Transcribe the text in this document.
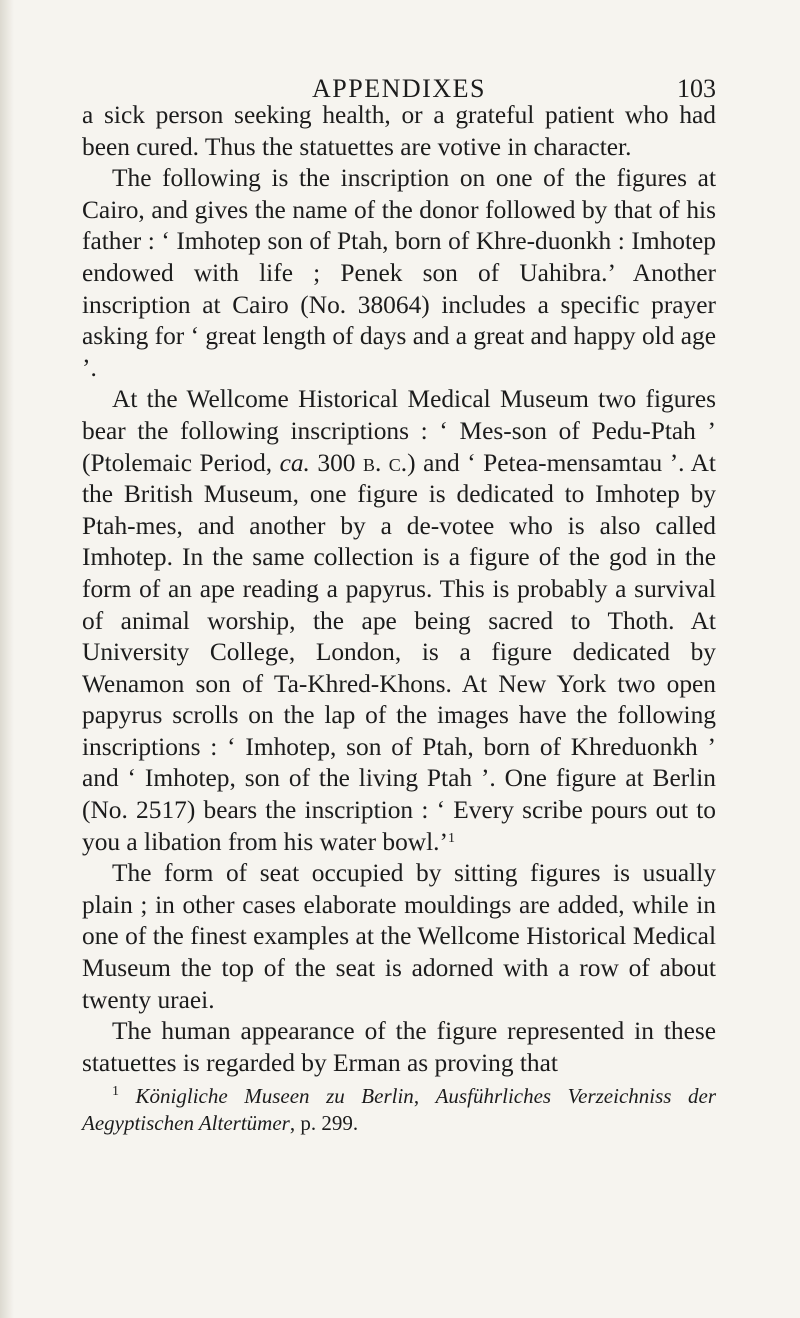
APPENDIXES	103

a sick person seeking health, or a grateful patient who had been cured. Thus the statuettes are votive in character.

The following is the inscription on one of the figures at Cairo, and gives the name of the donor followed by that of his father : ‘ Imhotep son of Ptah, born of Khre-duonkh : Imhotep endowed with life ; Penek son of Uahibra.’ Another inscription at Cairo (No. 38064) includes a specific prayer asking for ‘ great length of days and a great and happy old age ’.

At the Wellcome Historical Medical Museum two figures bear the following inscriptions : ‘ Mes-son of Pedu-Ptah ’ (Ptolemaic Period, ca. 300 b. c.) and ‘ Petea-mensamtau ’. At the British Museum, one figure is dedicated to Imhotep by Ptah-mes, and another by a de-votee who is also called Imhotep. In the same collection is a figure of the god in the form of an ape reading a papyrus. This is probably a survival of animal worship, the ape being sacred to Thoth. At University College, London, is a figure dedicated by Wenamon son of Ta-Khred-Khons. At New York two open papyrus scrolls on the lap of the images have the following inscriptions : ‘ Imhotep, son of Ptah, born of Khreduonkh ’ and ‘ Imhotep, son of the living Ptah ’. One figure at Berlin (No. 2517) bears the inscription : ‘ Every scribe pours out to you a libation from his water bowl.’$^1$

The form of seat occupied by sitting figures is usually plain ; in other cases elaborate mouldings are added, while in one of the finest examples at the Wellcome Historical Medical Museum the top of the seat is adorned with a row of about twenty uraei.

The human appearance of the figure represented in these statuettes is regarded by Erman as proving that

$^1$ Königliche Museen zu Berlin, Ausführliches Verzeichniss der Aegyptischen Altertümer, p. 299.
